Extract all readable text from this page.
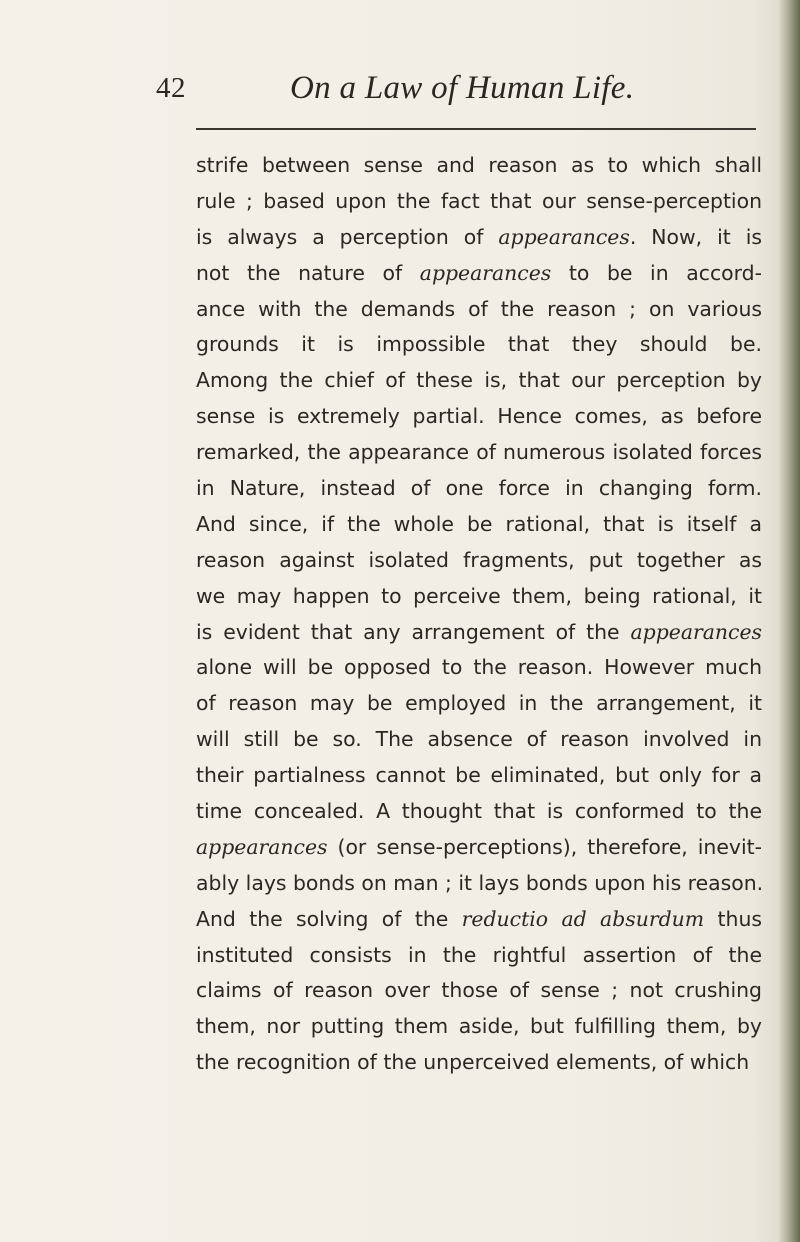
42	On a Law of Human Life.
strife between sense and reason as to which shall
rule ; based upon the fact that our sense-perception
is always a perception of appearances. Now, it is
not the nature of appearances to be in accord-
ance with the demands of the reason ; on various
grounds it is impossible that they should be.
Among the chief of these is, that our perception by
sense is extremely partial. Hence comes, as before
remarked, the appearance of numerous isolated forces
in Nature, instead of one force in changing form.
And since, if the whole be rational, that is itself a
reason against isolated fragments, put together as
we may happen to perceive them, being rational, it
is evident that any arrangement of the appearances
alone will be opposed to the reason. However much
of reason may be employed in the arrangement, it
will still be so. The absence of reason involved in
their partialness cannot be eliminated, but only for a
time concealed. A thought that is conformed to the
appearances (or sense-perceptions), therefore, inevit-
ably lays bonds on man ; it lays bonds upon his reason.
And the solving of the reductio ad absurdum thus
instituted consists in the rightful assertion of the
claims of reason over those of sense ; not crushing
them, nor putting them aside, but fulfilling them, by
the recognition of the unperceived elements, of which
